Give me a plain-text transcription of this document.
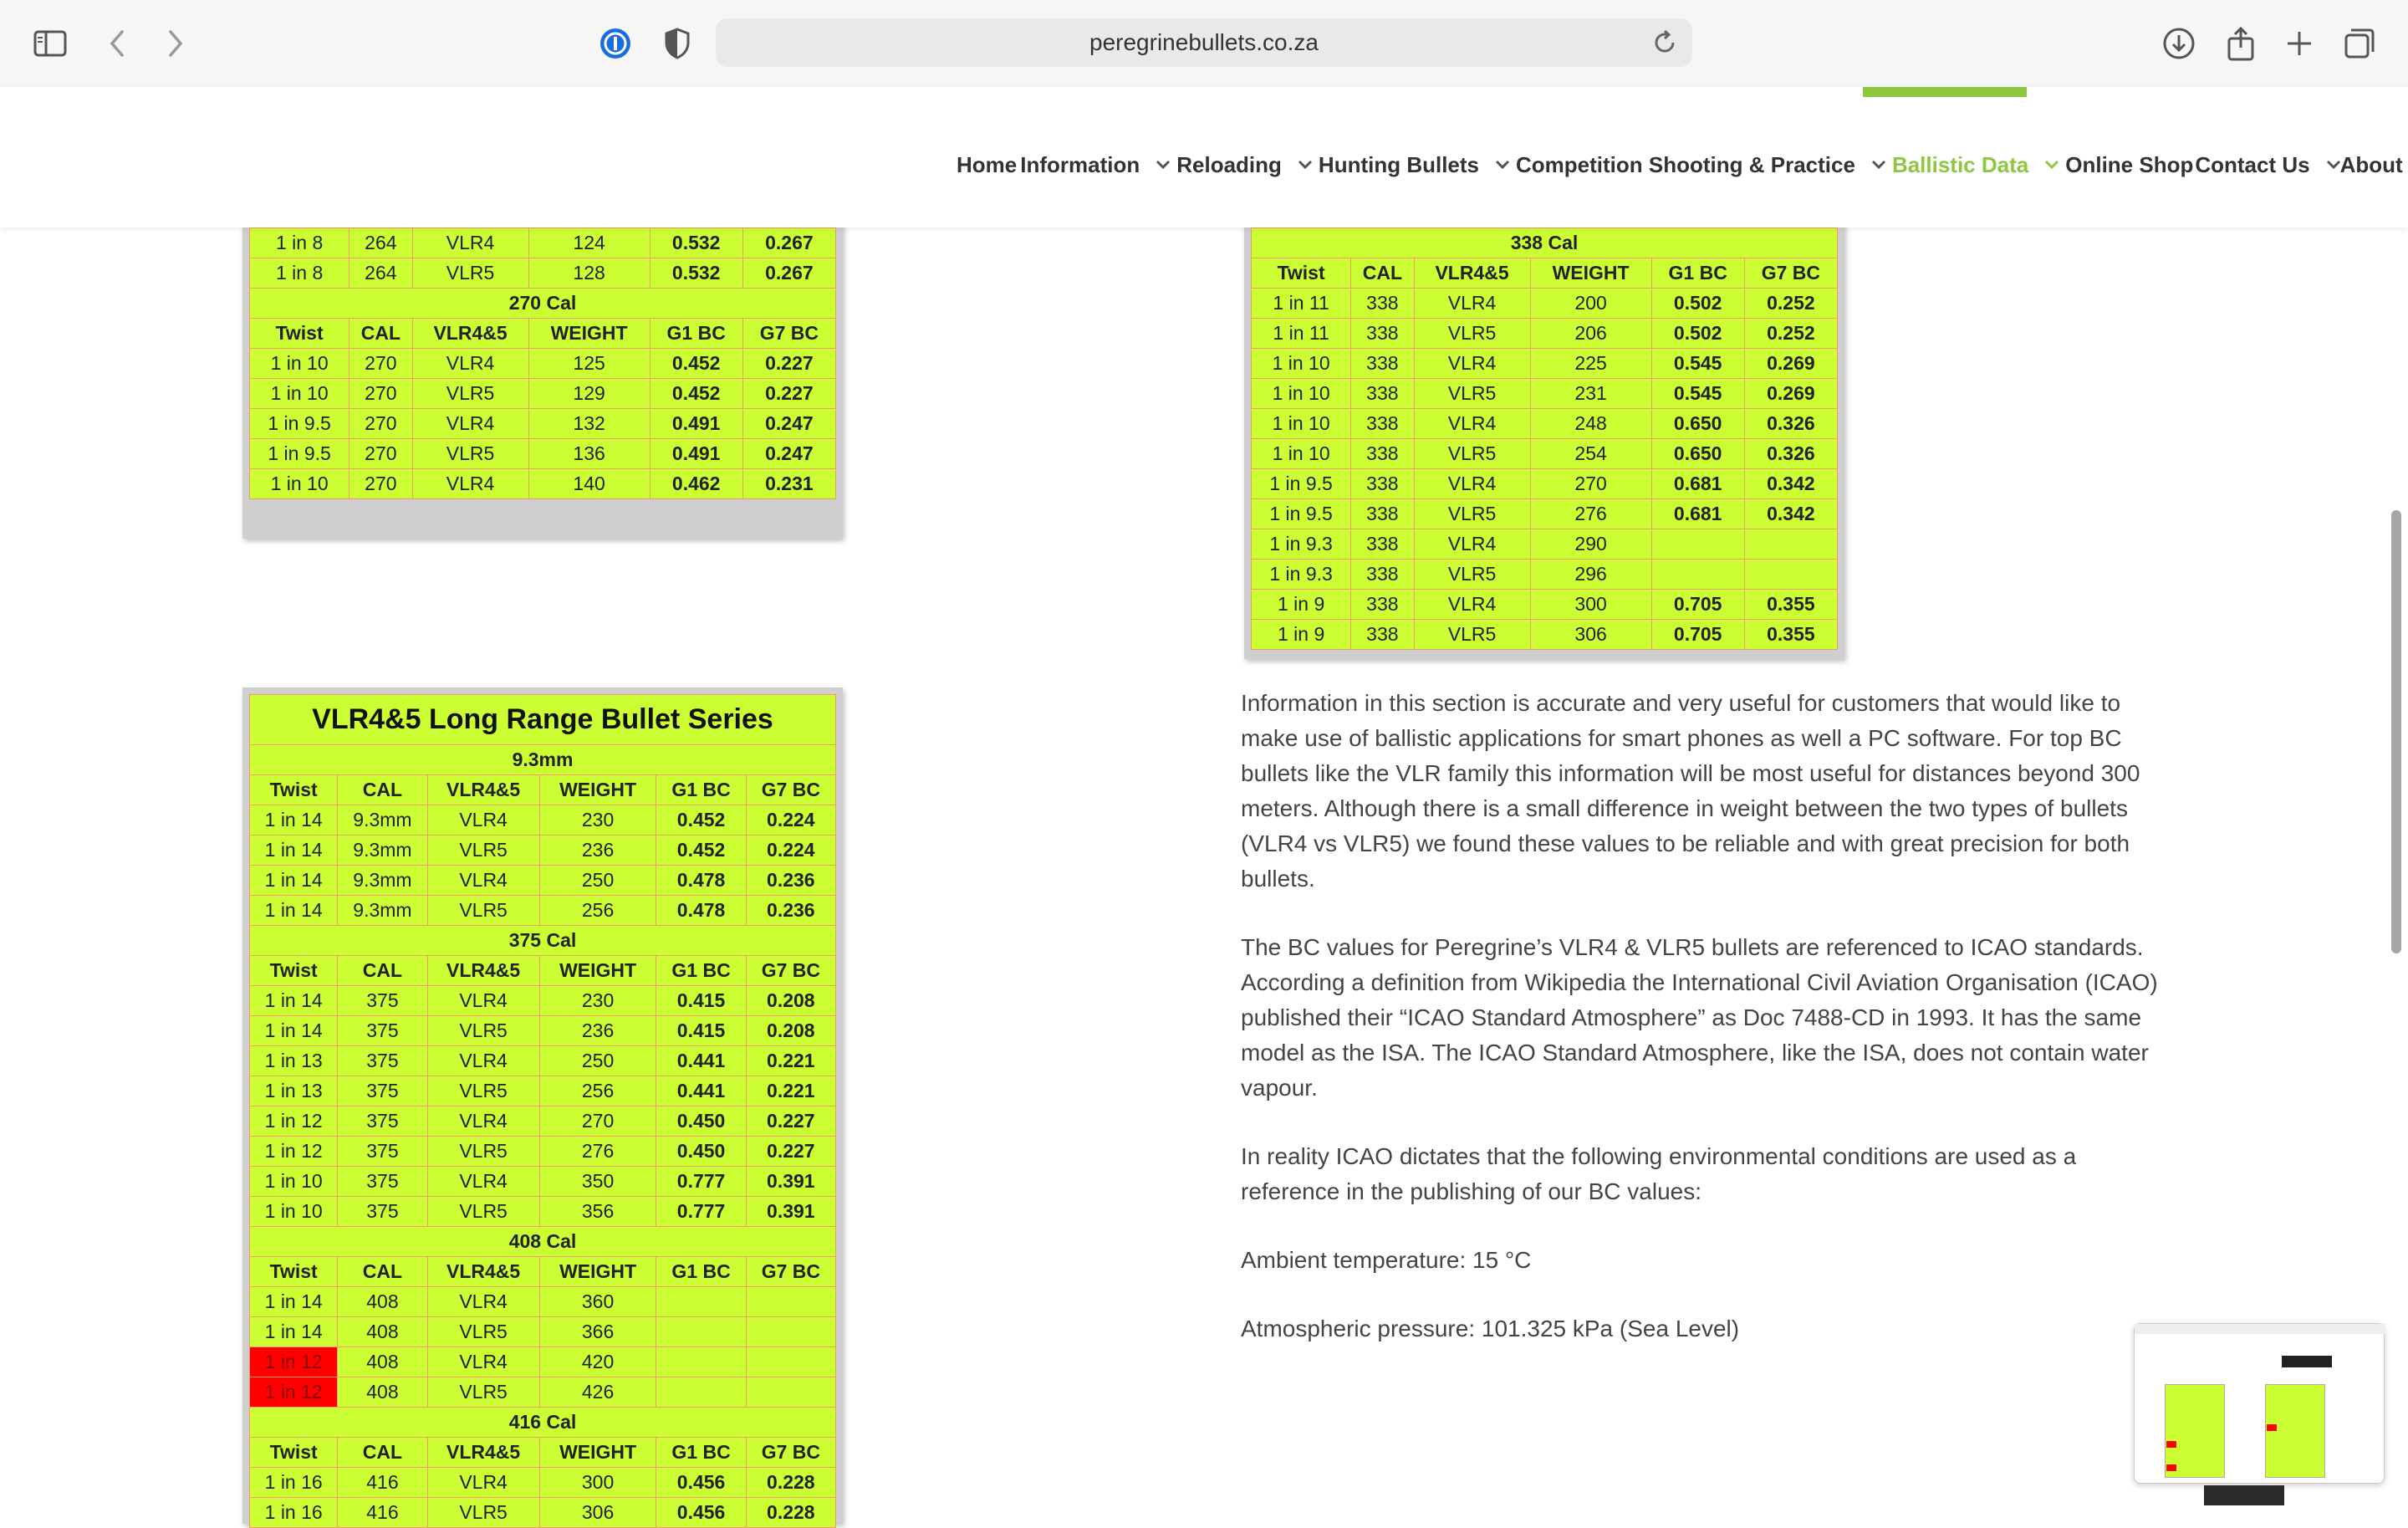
peregrinebullets.co.za
Home Information Reloading Hunting Bullets Competition Shooting & Practice Ballistic Data Online Shop Contact Us About

1 in 8	264	VLR4	124	0.532	0.267
1 in 8	264	VLR5	128	0.532	0.267
270 Cal					
Twist	CAL	VLR4&5	WEIGHT	G1 BC	G7 BC
1 in 10	270	VLR4	125	0.452	0.227
1 in 10	270	VLR5	129	0.452	0.227
1 in 9.5	270	VLR4	132	0.491	0.247
1 in 9.5	270	VLR5	136	0.491	0.247
1 in 10	270	VLR4	140	0.462	0.231
338 Cal					
Twist	CAL	VLR4&5	WEIGHT	G1 BC	G7 BC
1 in 11	338	VLR4	200	0.502	0.252
1 in 11	338	VLR5	206	0.502	0.252
1 in 10	338	VLR4	225	0.545	0.269
1 in 10	338	VLR5	231	0.545	0.269
1 in 10	338	VLR4	248	0.650	0.326
1 in 10	338	VLR5	254	0.650	0.326
1 in 9.5	338	VLR4	270	0.681	0.342
1 in 9.5	338	VLR5	276	0.681	0.342
1 in 9.3	338	VLR4	290		
1 in 9.3	338	VLR5	296		
1 in 9	338	VLR4	300	0.705	0.355
1 in 9	338	VLR5	306	0.705	0.355
VLR4&5 Long Range Bullet Series					
9.3mm					
Twist	CAL	VLR4&5	WEIGHT	G1 BC	G7 BC
1 in 14	9.3mm	VLR4	230	0.452	0.224
1 in 14	9.3mm	VLR5	236	0.452	0.224
1 in 14	9.3mm	VLR4	250	0.478	0.236
1 in 14	9.3mm	VLR5	256	0.478	0.236
375 Cal					
Twist	CAL	VLR4&5	WEIGHT	G1 BC	G7 BC
1 in 14	375	VLR4	230	0.415	0.208
1 in 14	375	VLR5	236	0.415	0.208
1 in 13	375	VLR4	250	0.441	0.221
1 in 13	375	VLR5	256	0.441	0.221
1 in 12	375	VLR4	270	0.450	0.227
1 in 12	375	VLR5	276	0.450	0.227
1 in 10	375	VLR4	350	0.777	0.391
1 in 10	375	VLR5	356	0.777	0.391
408 Cal					
Twist	CAL	VLR4&5	WEIGHT	G1 BC	G7 BC
1 in 14	408	VLR4	360		
1 in 14	408	VLR5	366		
1 in 12	408	VLR4	420		
1 in 12	408	VLR5	426		
416 Cal					
Twist	CAL	VLR4&5	WEIGHT	G1 BC	G7 BC
1 in 16	416	VLR4	300	0.456	0.228
1 in 16	416	VLR5	306	0.456	0.228

Information in this section is accurate and very useful for customers that would like to make use of ballistic applications for smart phones as well a PC software. For top BC bullets like the VLR family this information will be most useful for distances beyond 300 meters. Although there is a small difference in weight between the two types of bullets (VLR4 vs VLR5) we found these values to be reliable and with great precision for both bullets.

The BC values for Peregrine’s VLR4 & VLR5 bullets are referenced to ICAO standards. According a definition from Wikipedia the International Civil Aviation Organisation (ICAO) published their “ICAO Standard Atmosphere” as Doc 7488-CD in 1993. It has the same model as the ISA. The ICAO Standard Atmosphere, like the ISA, does not contain water vapour.

In reality ICAO dictates that the following environmental conditions are used as a reference in the publishing of our BC values:

Ambient temperature: 15 °C

Atmospheric pressure: 101.325 kPa (Sea Level)
